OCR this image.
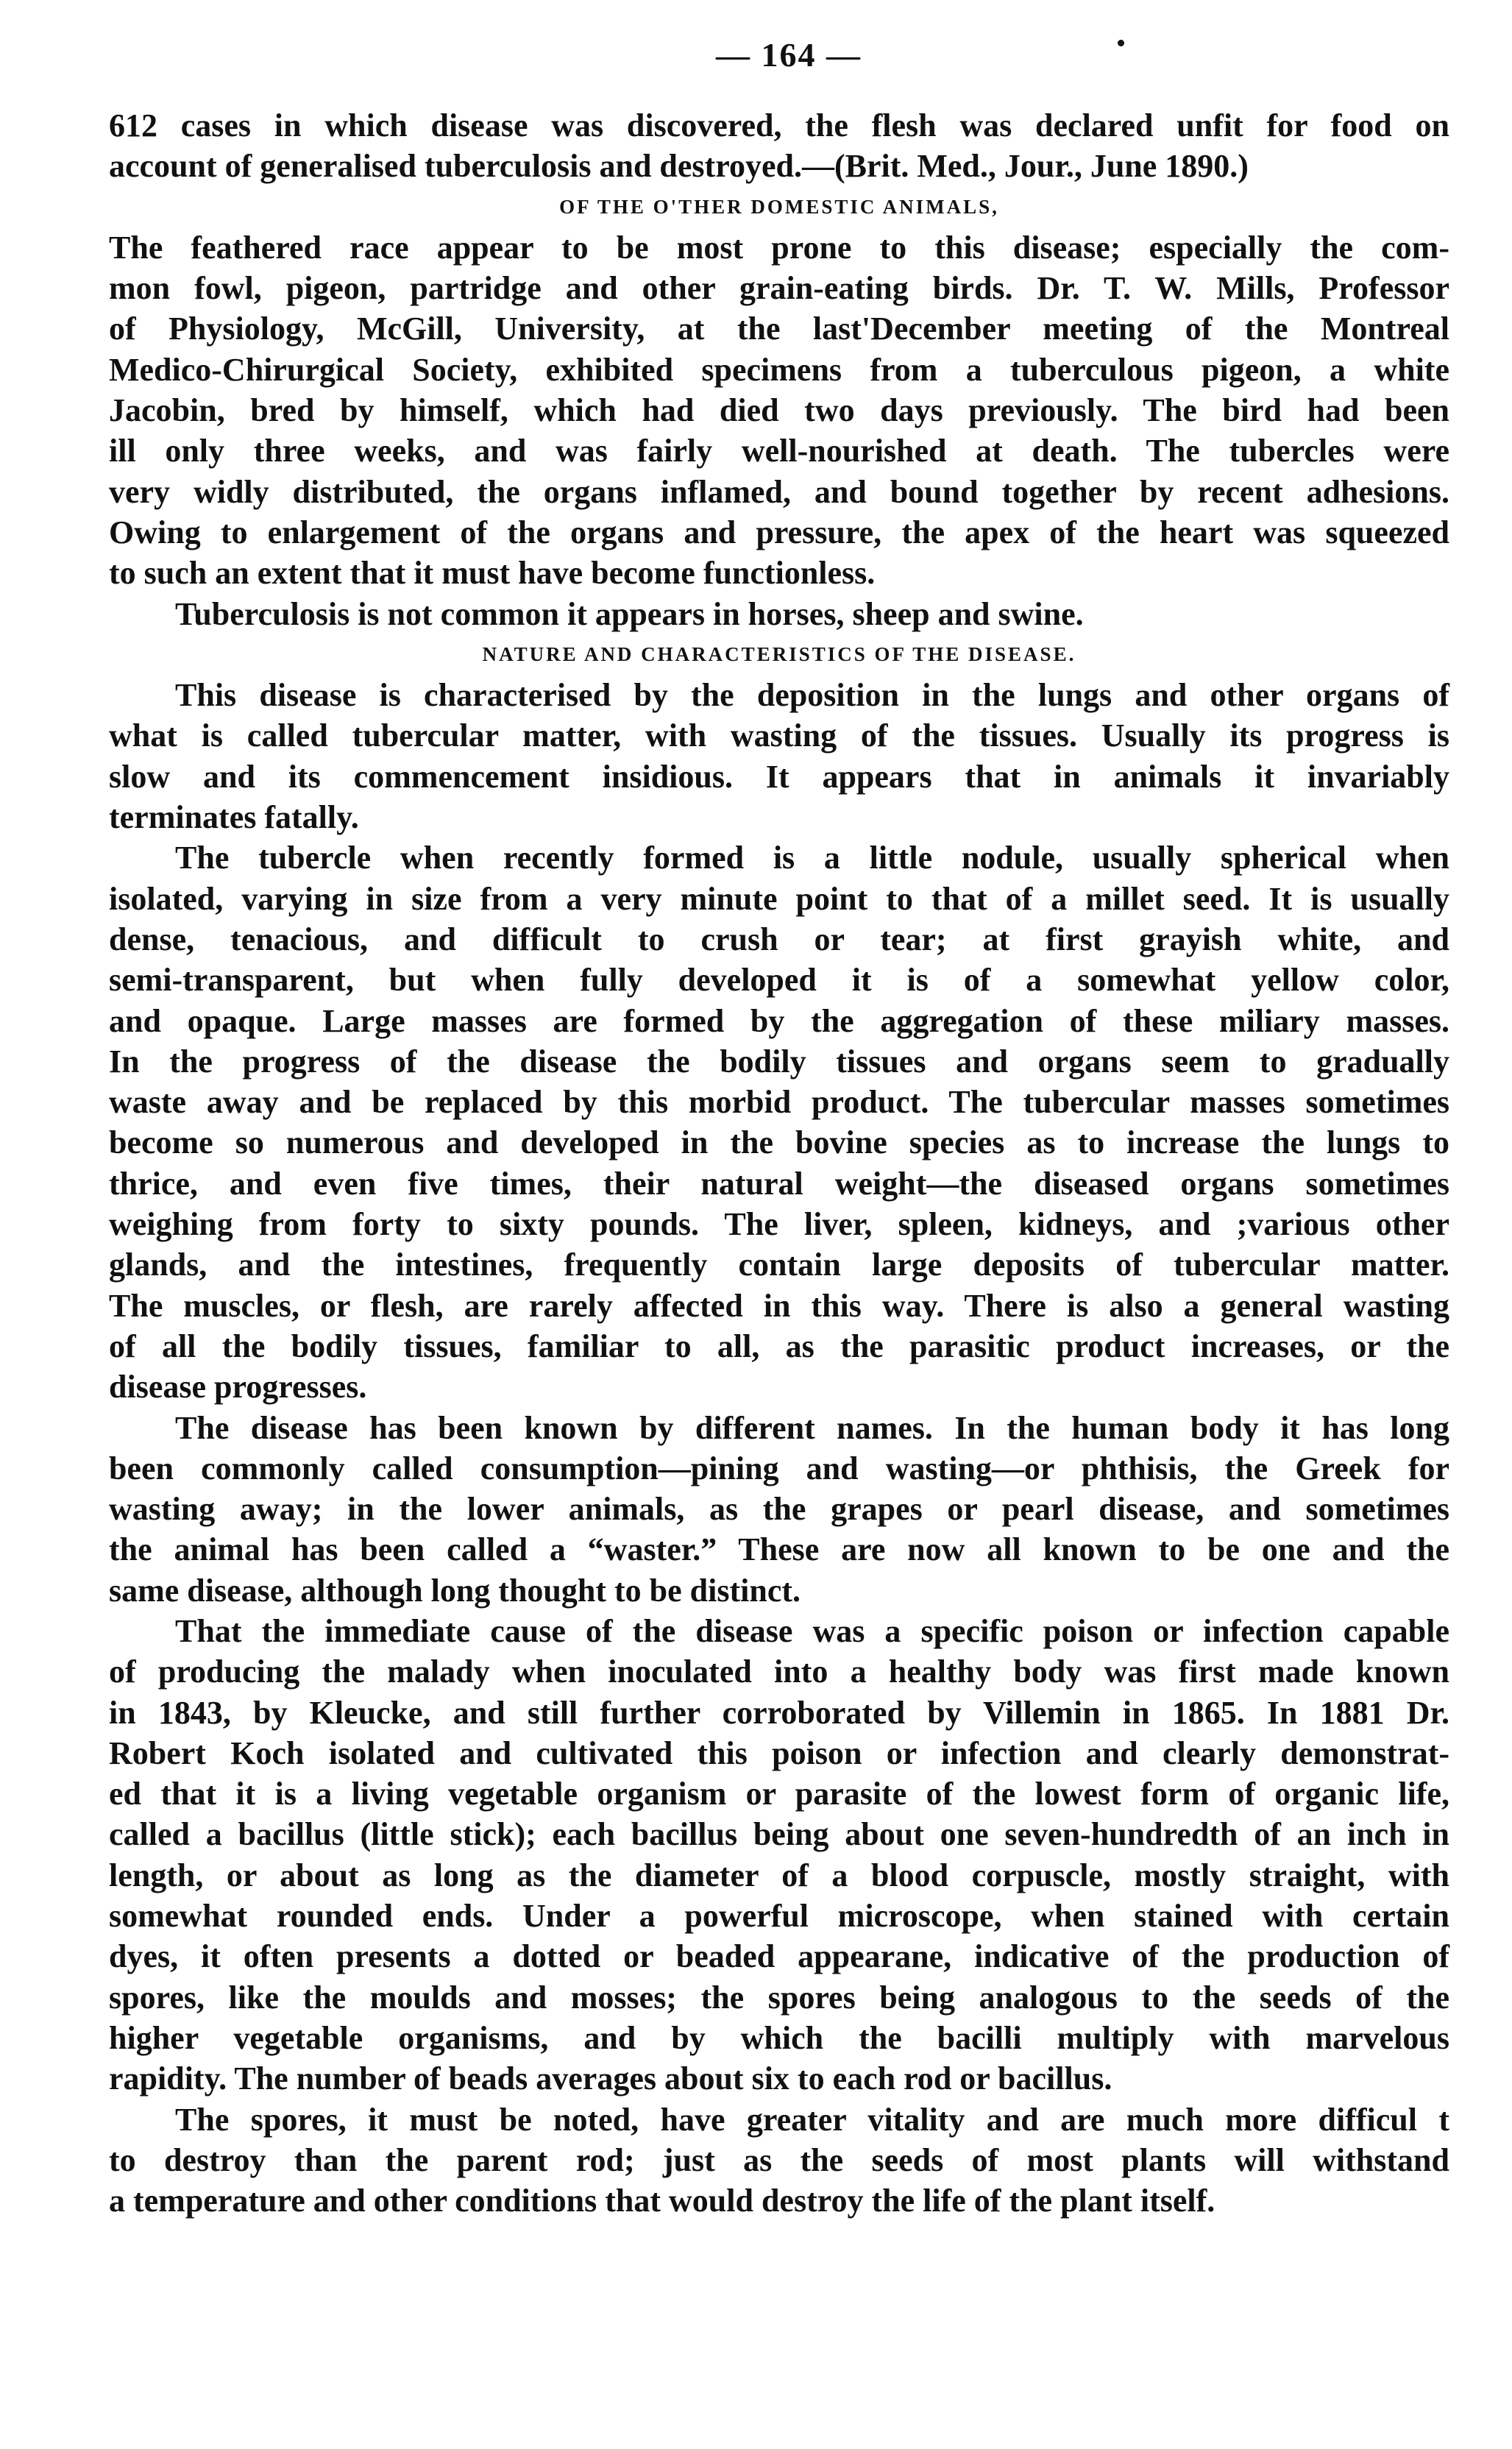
— 164 —
612 cases in which disease was discovered, the flesh was declared unfit for food on
account of generalised tuberculosis and destroyed.—(Brit. Med., Jour., June 1890.)
OF THE O'THER DOMESTIC ANIMALS,
The feathered race appear to be most prone to this disease; especially the com-
mon fowl, pigeon, partridge and other grain-eating birds. Dr. T. W. Mills, Professor
of Physiology, McGill, University, at the last'December meeting of the Montreal
Medico-Chirurgical Society, exhibited specimens from a tuberculous pigeon, a white
Jacobin, bred by himself, which had died two days previously. The bird had been
ill only three weeks, and was fairly well-nourished at death. The tubercles were
very widly distributed, the organs inflamed, and bound together by recent adhesions.
Owing to enlargement of the organs and pressure, the apex of the heart was squeezed
to such an extent that it must have become functionless.
Tuberculosis is not common it appears in horses, sheep and swine.
NATURE AND CHARACTERISTICS OF THE DISEASE.
This disease is characterised by the deposition in the lungs and other organs of
what is called tubercular matter, with wasting of the tissues. Usually its progress is
slow and its commencement insidious. It appears that in animals it invariably
terminates fatally.
The tubercle when recently formed is a little nodule, usually spherical when
isolated, varying in size from a very minute point to that of a millet seed. It is usually
dense, tenacious, and difficult to crush or tear; at first grayish white, and
semi-transparent, but when fully developed it is of a somewhat yellow color,
and opaque. Large masses are formed by the aggregation of these miliary masses.
In the progress of the disease the bodily tissues and organs seem to gradually
waste away and be replaced by this morbid product. The tubercular masses sometimes
become so numerous and developed in the bovine species as to increase the lungs to
thrice, and even five times, their natural weight—the diseased organs sometimes
weighing from forty to sixty pounds. The liver, spleen, kidneys, and ;various other
glands, and the intestines, frequently contain large deposits of tubercular matter.
The muscles, or flesh, are rarely affected in this way. There is also a general wasting
of all the bodily tissues, familiar to all, as the parasitic product increases, or the
disease progresses.
The disease has been known by different names. In the human body it has long
been commonly called consumption—pining and wasting—or phthisis, the Greek for
wasting away; in the lower animals, as the grapes or pearl disease, and sometimes
the animal has been called a “waster.” These are now all known to be one and the
same disease, although long thought to be distinct.
That the immediate cause of the disease was a specific poison or infection capable
of producing the malady when inoculated into a healthy body was first made known
in 1843, by Kleucke, and still further corroborated by Villemin in 1865. In 1881 Dr.
Robert Koch isolated and cultivated this poison or infection and clearly demonstrat-
ed that it is a living vegetable organism or parasite of the lowest form of organic life,
called a bacillus (little stick); each bacillus being about one seven-hundredth of an inch in
length, or about as long as the diameter of a blood corpuscle, mostly straight, with
somewhat rounded ends. Under a powerful microscope, when stained with certain
dyes, it often presents a dotted or beaded appearane, indicative of the production of
spores, like the moulds and mosses; the spores being analogous to the seeds of the
higher vegetable organisms, and by which the bacilli multiply with marvelous
rapidity. The number of beads averages about six to each rod or bacillus.
The spores, it must be noted, have greater vitality and are much more difficul t
to destroy than the parent rod; just as the seeds of most plants will withstand
a temperature and other conditions that would destroy the life of the plant itself.
